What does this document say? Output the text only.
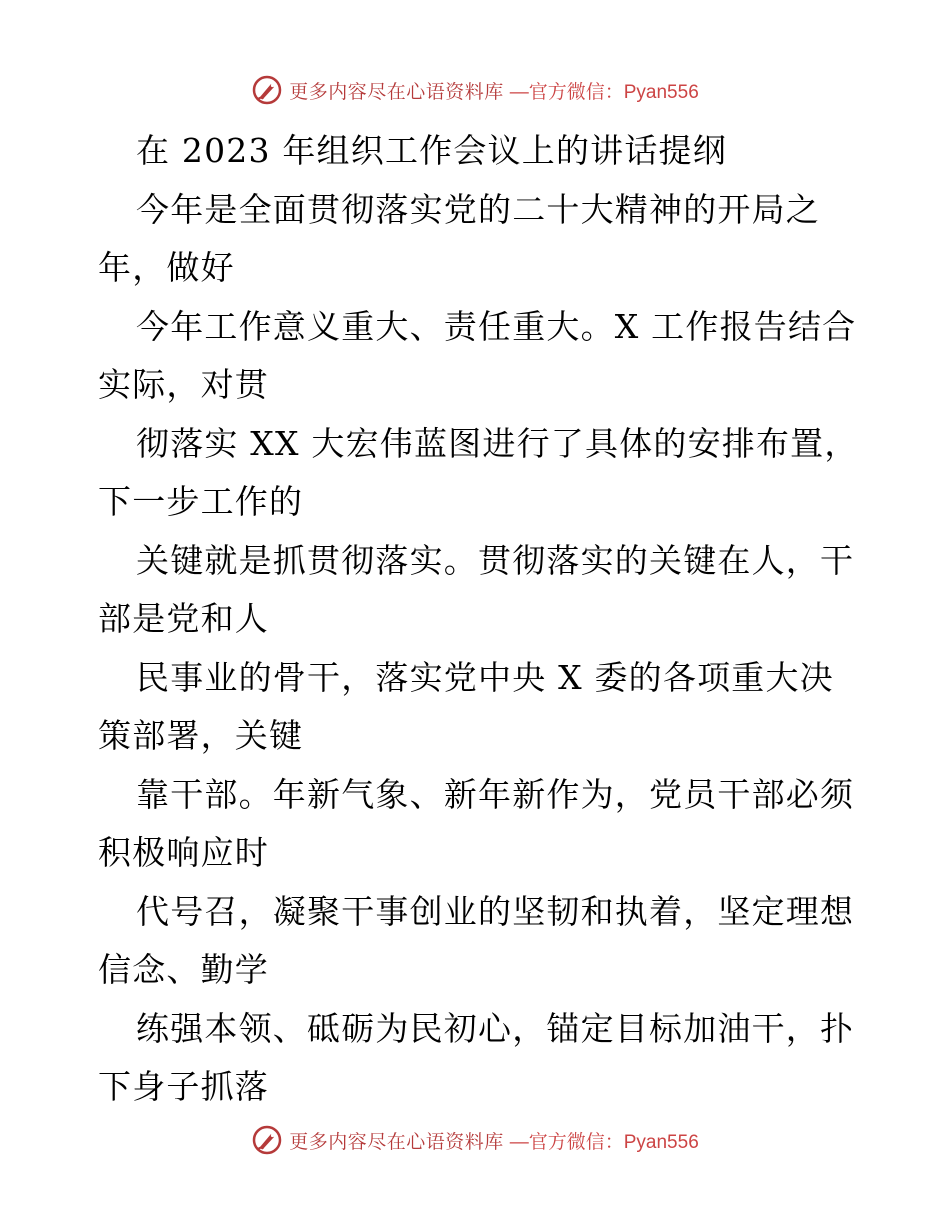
更多内容尽在心语资料库 —官方微信：Pyan556
在 2023 年组织工作会议上的讲话提纲
今年是全面贯彻落实党的二十大精神的开局之
年，做好
今年工作意义重大、责任重大。X 工作报告结合
实际，对贯
彻落实 XX 大宏伟蓝图进行了具体的安排布置，
下一步工作的
关键就是抓贯彻落实。贯彻落实的关键在人，干
部是党和人
民事业的骨干，落实党中央 X 委的各项重大决
策部署，关键
靠干部。年新气象、新年新作为，党员干部必须
积极响应时
代号召，凝聚干事创业的坚韧和执着，坚定理想
信念、勤学
练强本领、砥砺为民初心，锚定目标加油干，扑
下身子抓落
更多内容尽在心语资料库 —官方微信：Pyan556
